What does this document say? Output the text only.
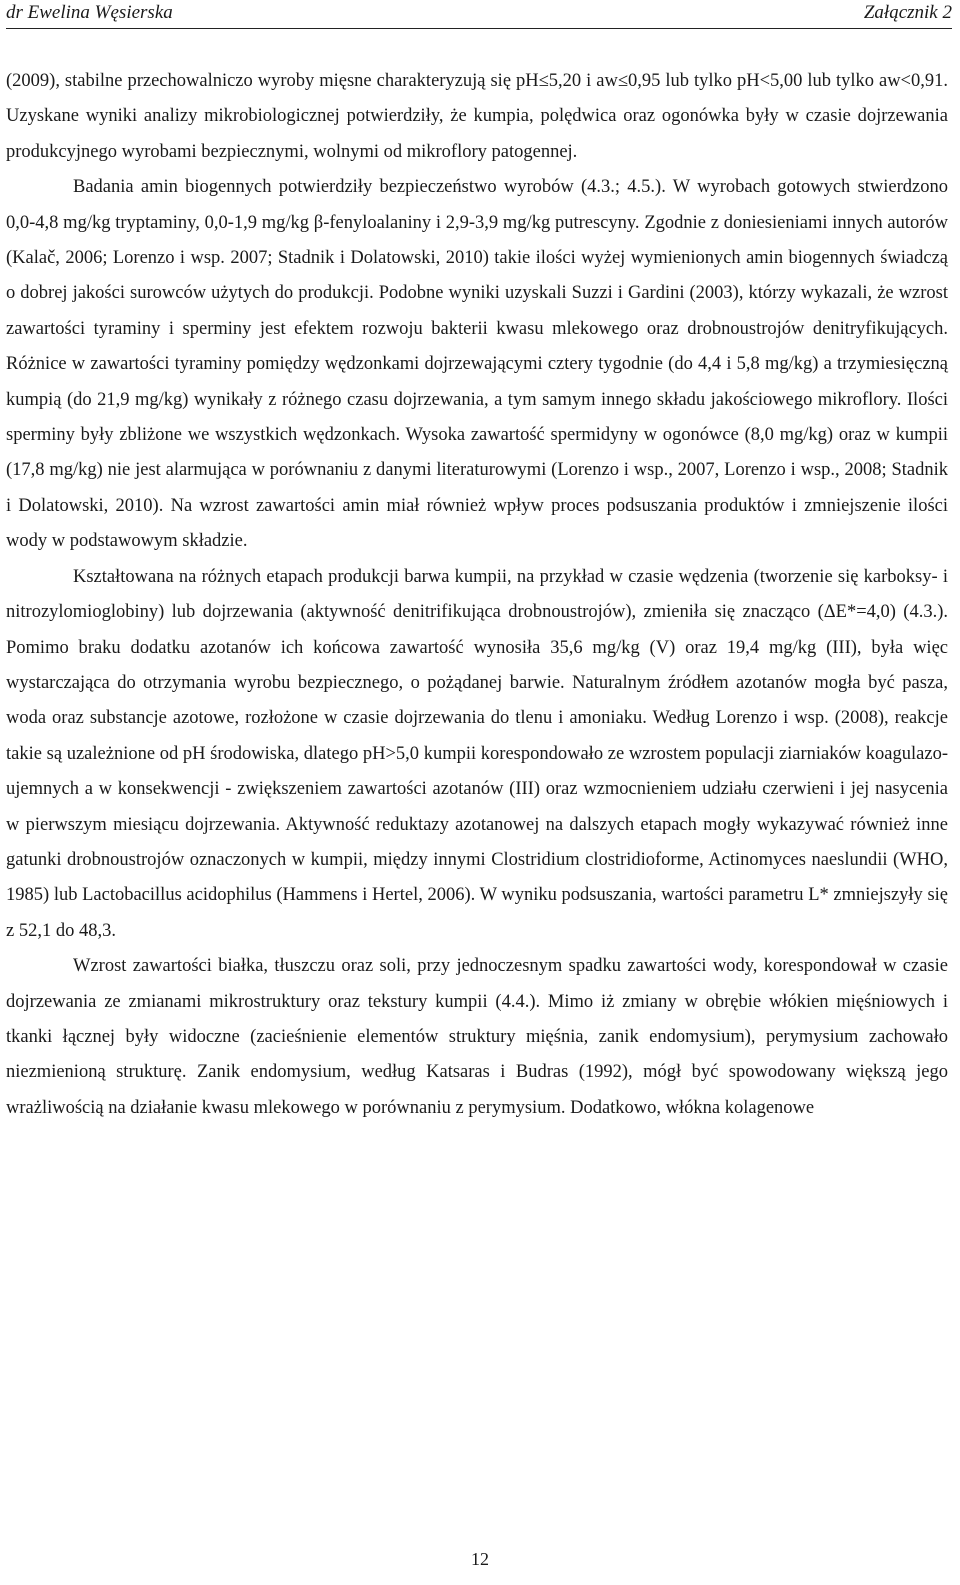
dr Ewelina Węsierska	Załącznik 2

(2009), stabilne przechowalniczo wyroby mięsne charakteryzują się pH≤5,20 i aw≤0,95 lub tylko pH<5,00 lub tylko aw<0,91. Uzyskane wyniki analizy mikrobiologicznej potwierdziły, że kumpia, polędwica oraz ogonówka były w czasie dojrzewania produkcyjnego wyrobami bezpiecznymi, wolnymi od mikroflory patogennej.

Badania amin biogennych potwierdziły bezpieczeństwo wyrobów (4.3.; 4.5.). W wyrobach gotowych stwierdzono 0,0-4,8 mg/kg tryptaminy, 0,0-1,9 mg/kg β-fenyloalaniny i 2,9-3,9 mg/kg putrescyny. Zgodnie z doniesieniami innych autorów (Kalač, 2006; Lorenzo i wsp. 2007; Stadnik i Dolatowski, 2010) takie ilości wyżej wymienionych amin biogennych świadczą o dobrej jakości surowców użytych do produkcji. Podobne wyniki uzyskali Suzzi i Gardini (2003), którzy wykazali, że wzrost zawartości tyraminy i sperminy jest efektem rozwoju bakterii kwasu mlekowego oraz drobnoustrojów denitryfikujących. Różnice w zawartości tyraminy pomiędzy wędzonkami dojrzewającymi cztery tygodnie (do 4,4 i 5,8 mg/kg) a trzymiesięczną kumpią (do 21,9 mg/kg) wynikały z różnego czasu dojrzewania, a tym samym innego składu jakościowego mikroflory. Ilości sperminy były zbliżone we wszystkich wędzonkach. Wysoka zawartość spermidyny w ogonówce (8,0 mg/kg) oraz w kumpii (17,8 mg/kg) nie jest alarmująca w porównaniu z danymi literaturowymi (Lorenzo i wsp., 2007, Lorenzo i wsp., 2008; Stadnik i Dolatowski, 2010). Na wzrost zawartości amin miał również wpływ proces podsuszania produktów i zmniejszenie ilości wody w podstawowym składzie.

Kształtowana na różnych etapach produkcji barwa kumpii, na przykład w czasie wędzenia (tworzenie się karboksy- i nitrozylomioglobiny) lub dojrzewania (aktywność denitrifikująca drobnoustrojów), zmieniła się znacząco (ΔE*=4,0) (4.3.). Pomimo braku dodatku azotanów ich końcowa zawartość wynosiła 35,6 mg/kg (V) oraz 19,4 mg/kg (III), była więc wystarczająca do otrzymania wyrobu bezpiecznego, o pożądanej barwie. Naturalnym źródłem azotanów mogła być pasza, woda oraz substancje azotowe, rozłożone w czasie dojrzewania do tlenu i amoniaku. Według Lorenzo i wsp. (2008), reakcje takie są uzależnione od pH środowiska, dlatego pH>5,0 kumpii korespondowało ze wzrostem populacji ziarniaków koagulazo-ujemnych a w konsekwencji - zwiększeniem zawartości azotanów (III) oraz wzmocnieniem udziału czerwieni i jej nasycenia w pierwszym miesiącu dojrzewania. Aktywność reduktazy azotanowej na dalszych etapach mogły wykazywać również inne gatunki drobnoustrojów oznaczonych w kumpii, między innymi Clostridium clostridioforme, Actinomyces naeslundii (WHO, 1985) lub Lactobacillus acidophilus (Hammens i Hertel, 2006). W wyniku podsuszania, wartości parametru L* zmniejszyły się z 52,1 do 48,3.

Wzrost zawartości białka, tłuszczu oraz soli, przy jednoczesnym spadku zawartości wody, korespondował w czasie dojrzewania ze zmianami mikrostruktury oraz tekstury kumpii (4.4.). Mimo iż zmiany w obrębie włókien mięśniowych i tkanki łącznej były widoczne (zacieśnienie elementów struktury mięśnia, zanik endomysium), perymysium zachowało niezmienioną strukturę. Zanik endomysium, według Katsaras i Budras (1992), mógł być spowodowany większą jego wrażliwością na działanie kwasu mlekowego w porównaniu z perymysium. Dodatkowo, włókna kolagenowe

12
